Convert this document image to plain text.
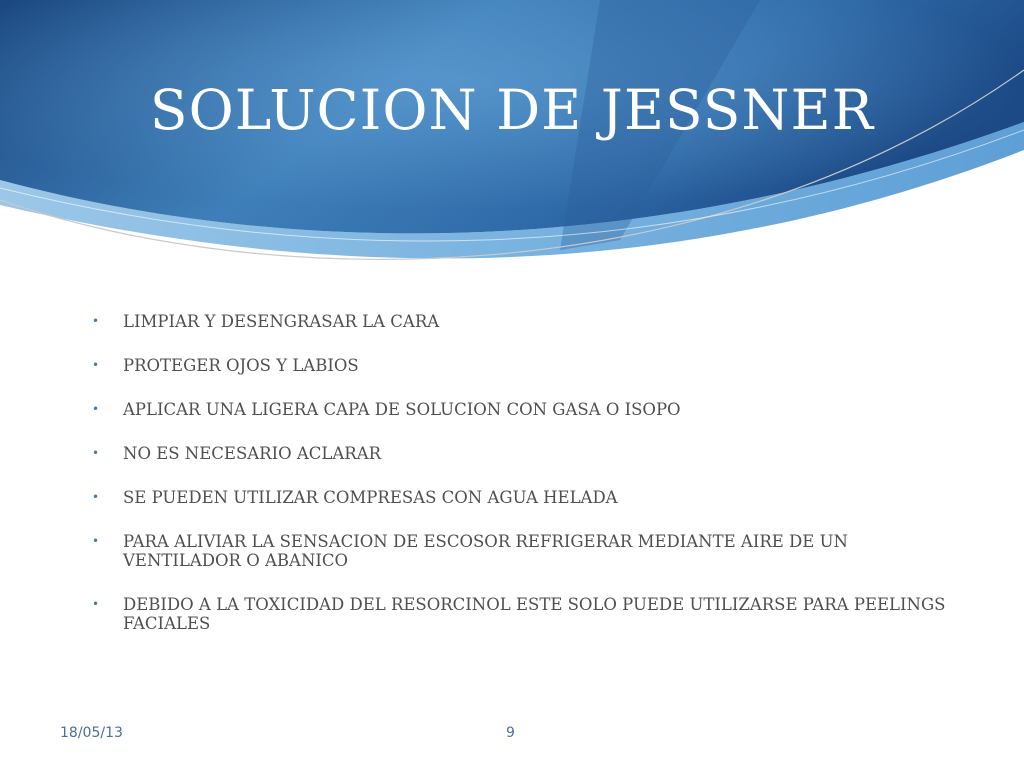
SOLUCION DE JESSNER
•	LIMPIAR Y DESENGRASAR LA CARA
•	PROTEGER OJOS Y LABIOS
•	APLICAR UNA LIGERA CAPA DE SOLUCION CON GASA O ISOPO
•	NO ES NECESARIO ACLARAR
•	SE PUEDEN UTILIZAR COMPRESAS CON AGUA HELADA
•	PARA ALIVIAR LA SENSACION DE ESCOSOR REFRIGERAR MEDIANTE AIRE DE UN VENTILADOR O ABANICO
•	DEBIDO A LA TOXICIDAD DEL RESORCINOL ESTE SOLO PUEDE UTILIZARSE PARA PEELINGS FACIALES
18/05/13	9
